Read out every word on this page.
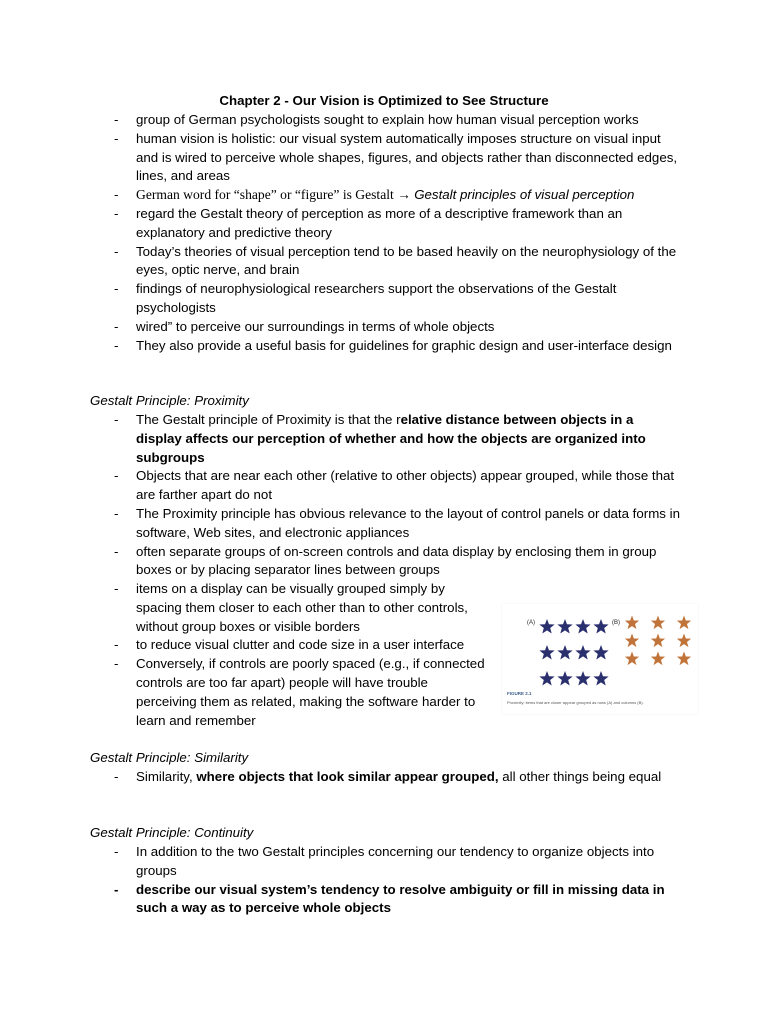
Chapter 2 - Our Vision is Optimized to See Structure
- group of German psychologists sought to explain how human visual perception works
- human vision is holistic: our visual system automatically imposes structure on visual input and is wired to perceive whole shapes, figures, and objects rather than disconnected edges, lines, and areas
- German word for “shape” or “figure” is Gestalt → Gestalt principles of visual perception
- regard the Gestalt theory of perception as more of a descriptive framework than an explanatory and predictive theory
- Today’s theories of visual perception tend to be based heavily on the neurophysiology of the eyes, optic nerve, and brain
- findings of neurophysiological researchers support the observations of the Gestalt psychologists
- wired” to perceive our surroundings in terms of whole objects
- They also provide a useful basis for guidelines for graphic design and user-interface design
Gestalt Principle: Proximity
- The Gestalt principle of Proximity is that the relative distance between objects in a display affects our perception of whether and how the objects are organized into subgroups
- Objects that are near each other (relative to other objects) appear grouped, while those that are farther apart do not
- The Proximity principle has obvious relevance to the layout of control panels or data forms in software, Web sites, and electronic appliances
- often separate groups of on-screen controls and data display by enclosing them in group boxes or by placing separator lines between groups
- items on a display can be visually grouped simply by spacing them closer to each other than to other controls, without group boxes or visible borders
- to reduce visual clutter and code size in a user interface
- Conversely, if controls are poorly spaced (e.g., if connected controls are too far apart) people will have trouble perceiving them as related, making the software harder to learn and remember
(A)	(B)
FIGURE 2.1
Proximity: items that are closer appear grouped as rows (A) and columns (B).
Gestalt Principle: Similarity
- Similarity, where objects that look similar appear grouped, all other things being equal
Gestalt Principle: Continuity
- In addition to the two Gestalt principles concerning our tendency to organize objects into groups
- describe our visual system’s tendency to resolve ambiguity or fill in missing data in such a way as to perceive whole objects
